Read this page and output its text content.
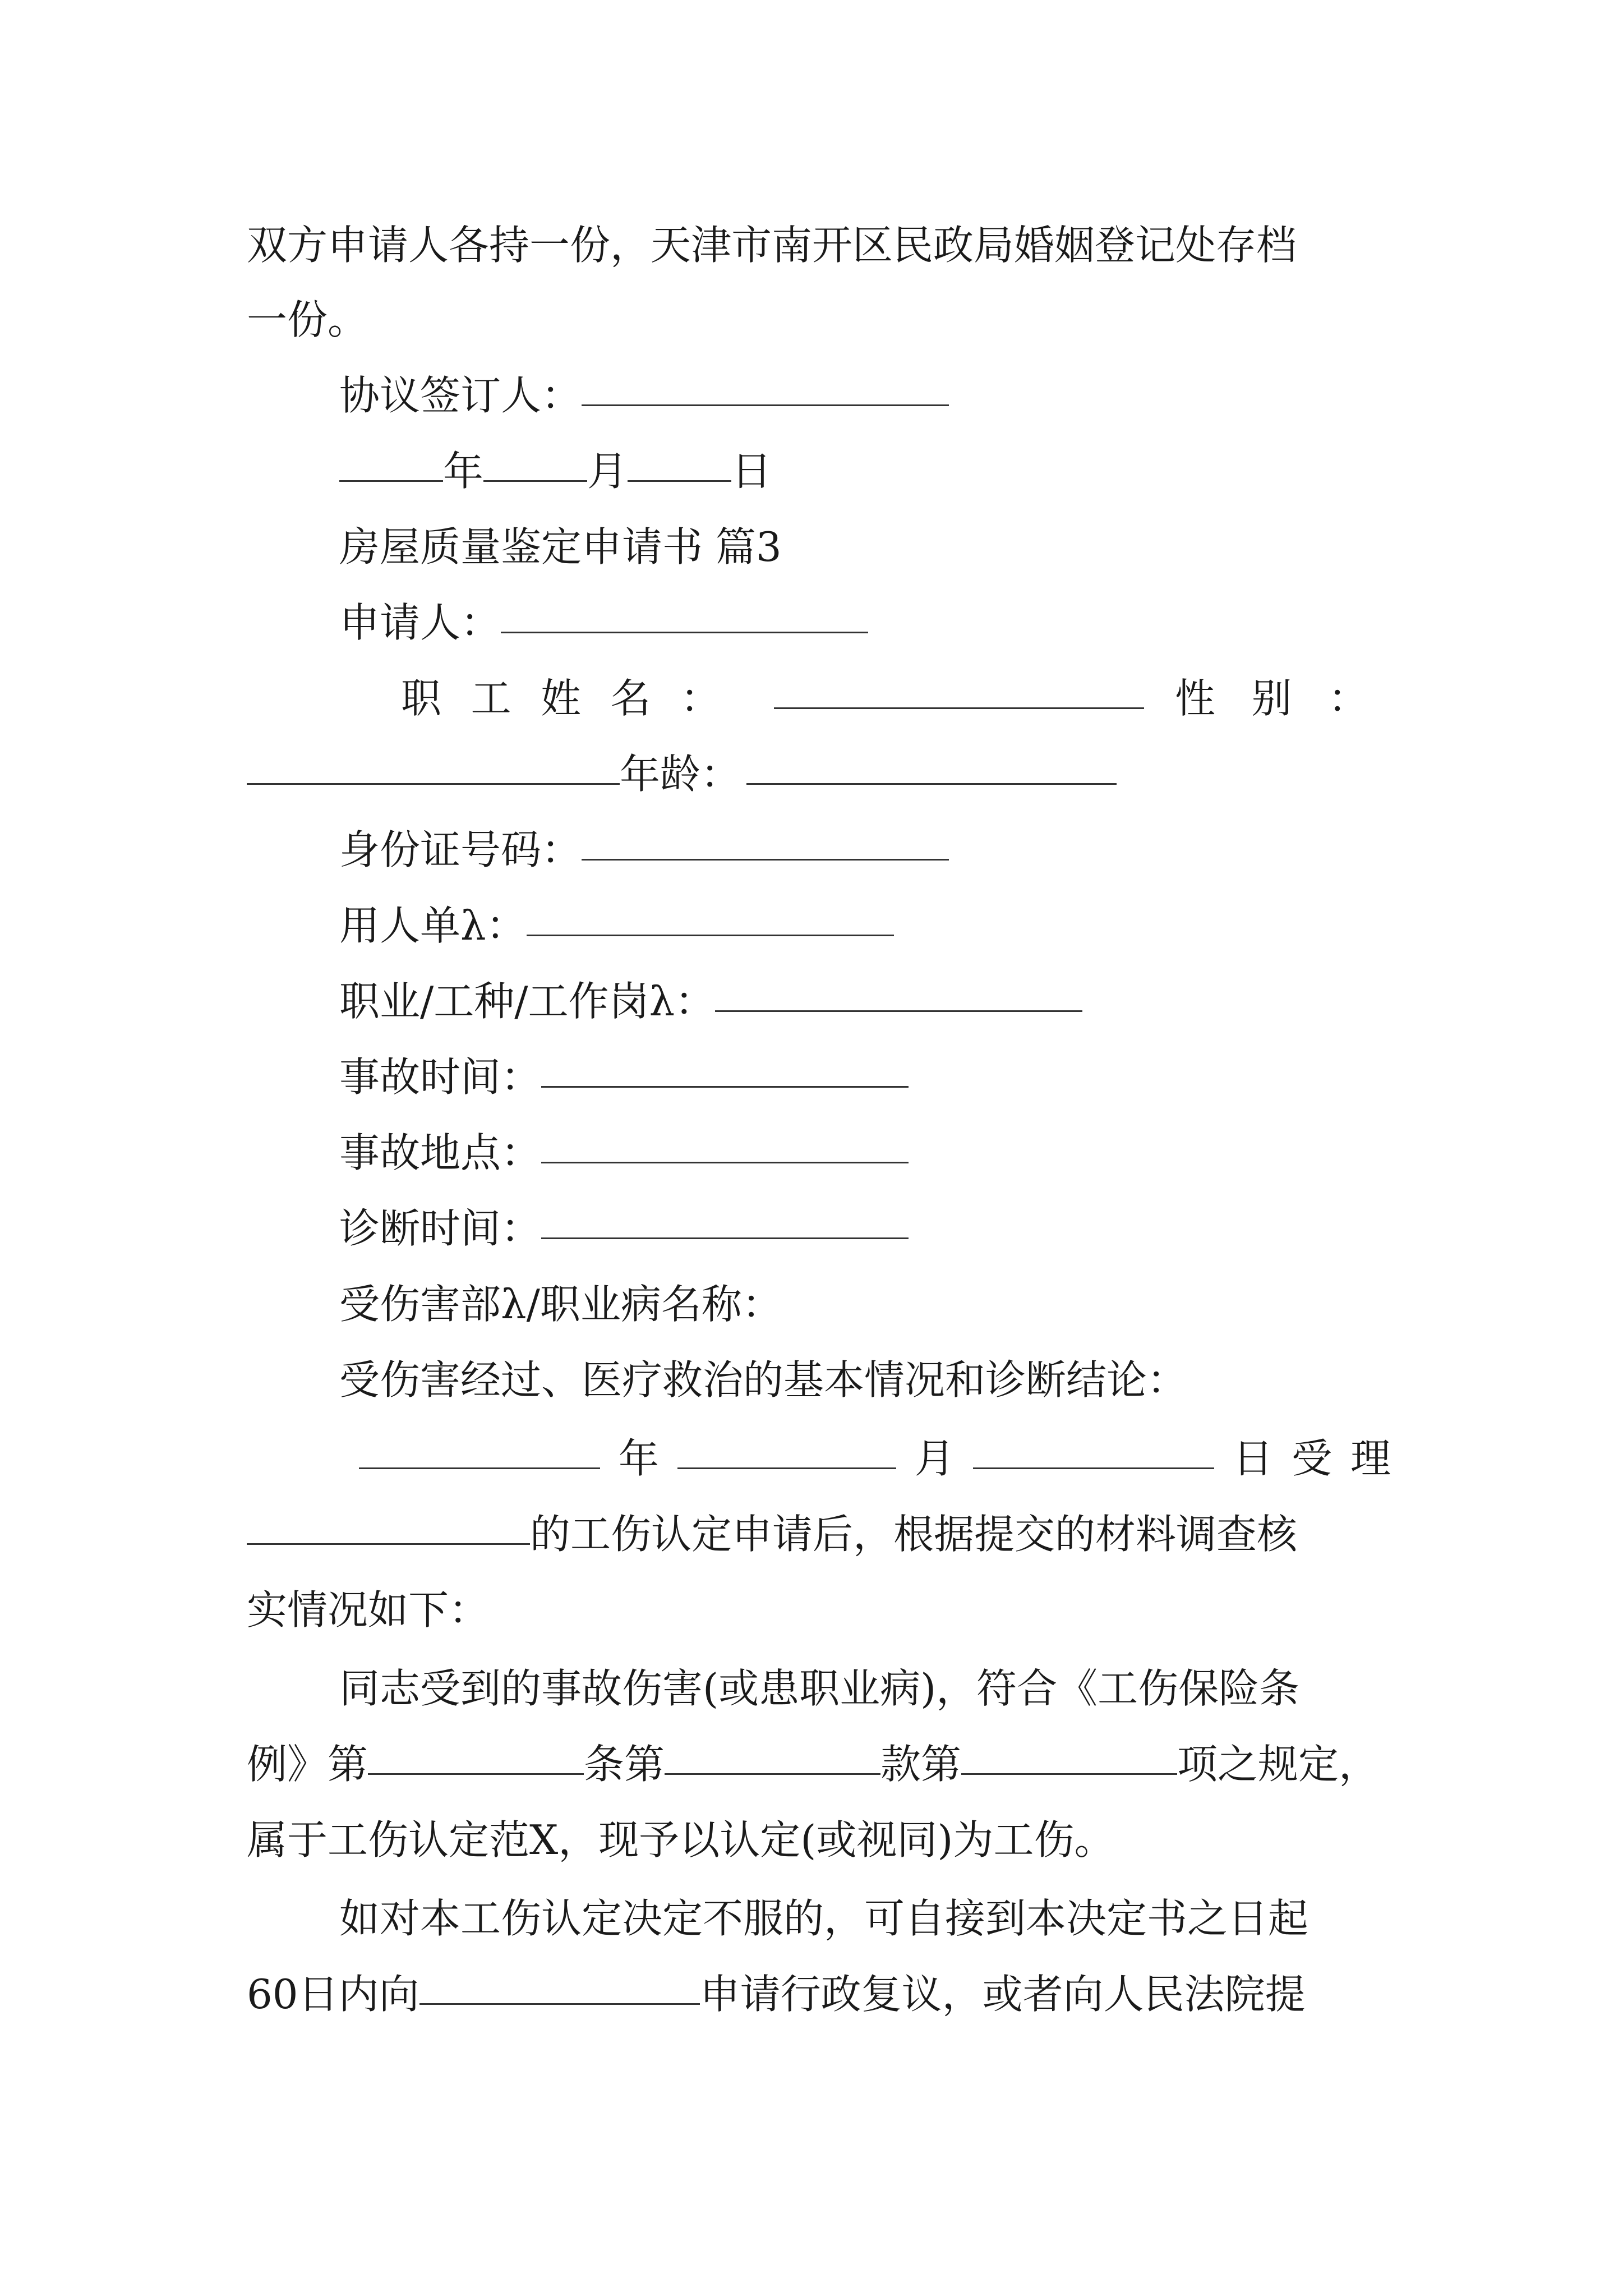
双方申请人各持一份，天津市南开区民政局婚姻登记处存档
一份。
协议签订人：
年	月	日
房屋质量鉴定申请书 篇3
申请人：
职 工 姓 名 ：	性 别 ：
年龄：
身份证号码：
用人单λ：
职业/工种/工作岗λ：
事故时间：
事故地点：
诊断时间：
受伤害部λ/职业病名称：
受伤害经过、医疗救治的基本情况和诊断结论：
年	月	日 受 理
的工伤认定申请后，根据提交的材料调查核
实情况如下：
同志受到的事故伤害(或患职业病)，符合《工伤保险条
例》第	条第	款第	项之规定，
属于工伤认定范X，现予以认定(或视同)为工伤。
如对本工伤认定决定不服的，可自接到本决定书之日起
60日内向	申请行政复议，或者向人民法院提
